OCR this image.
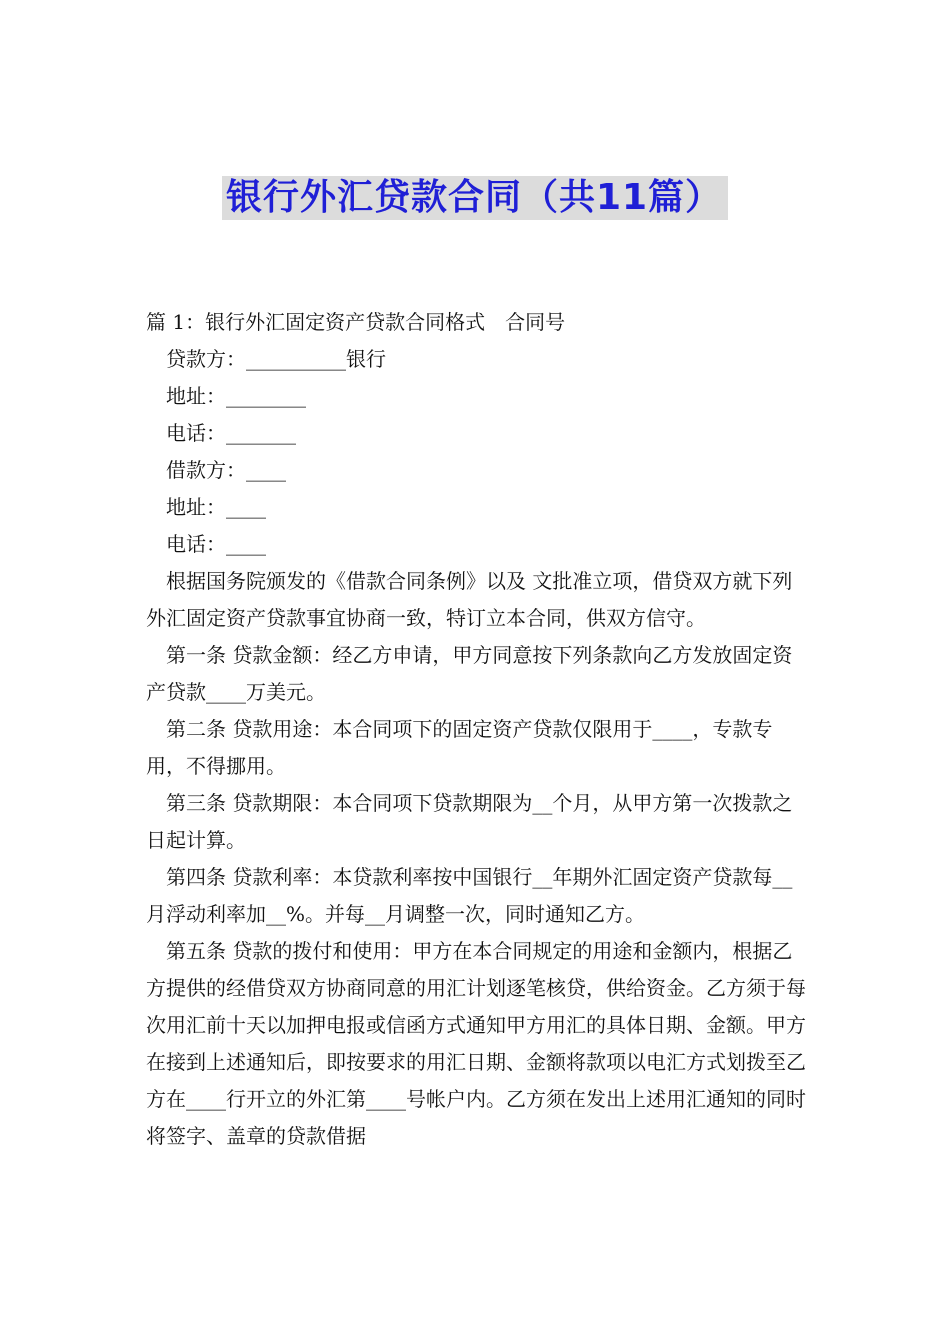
银行外汇贷款合同（共11篇）

篇 1：银行外汇固定资产贷款合同格式　合同号

贷款方：__________银行

地址：________

电话：_______

借款方：____

地址：____

电话：____

根据国务院颁发的《借款合同条例》以及 文批准立项，借贷双方就下列外汇固定资产贷款事宜协商一致，特订立本合同，供双方信守。

第一条 贷款金额：经乙方申请，甲方同意按下列条款向乙方发放固定资产贷款____万美元。

第二条 贷款用途：本合同项下的固定资产贷款仅限用于____，专款专用，不得挪用。

第三条 贷款期限：本合同项下贷款期限为__个月，从甲方第一次拨款之日起计算。

第四条 贷款利率：本贷款利率按中国银行__年期外汇固定资产贷款每__月浮动利率加__%。并每__月调整一次，同时通知乙方。

第五条 贷款的拨付和使用：甲方在本合同规定的用途和金额内，根据乙方提供的经借贷双方协商同意的用汇计划逐笔核贷，供给资金。乙方须于每次用汇前十天以加押电报或信函方式通知甲方用汇的具体日期、金额。甲方在接到上述通知后，即按要求的用汇日期、金额将款项以电汇方式划拨至乙方在____行开立的外汇第____号帐户内。乙方须在发出上述用汇通知的同时将签字、盖章的贷款借据
